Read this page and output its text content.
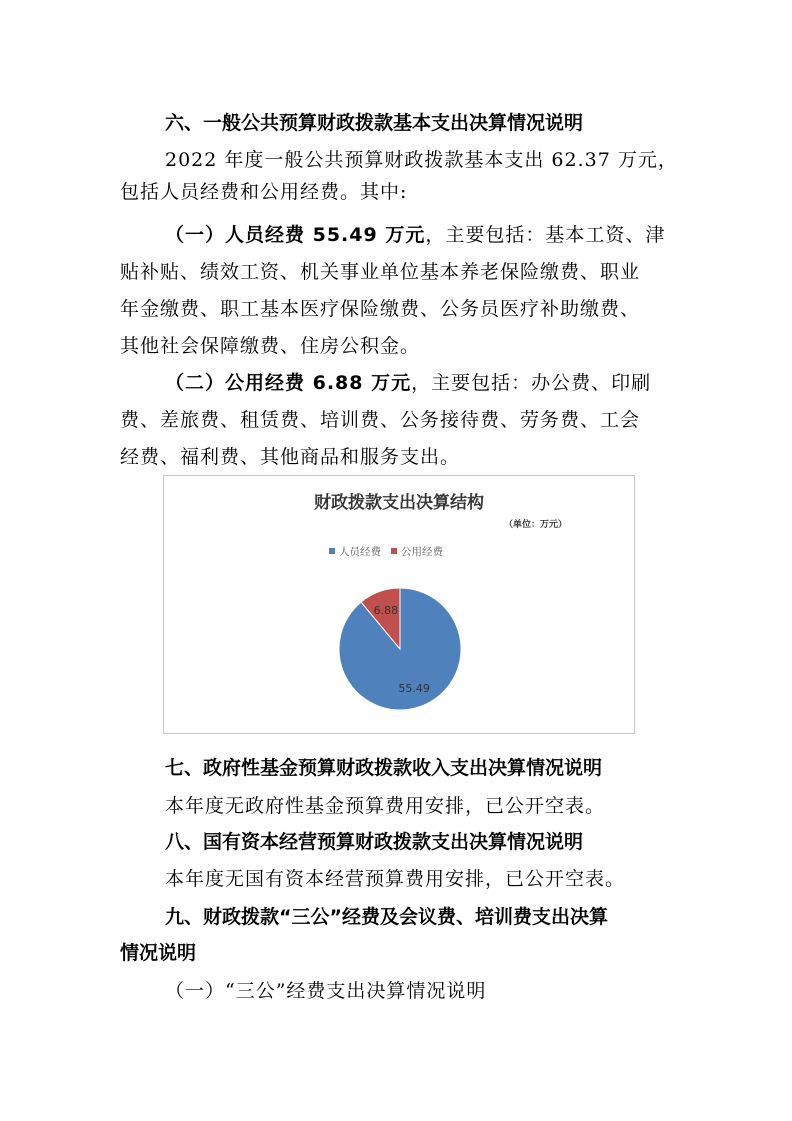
六、一般公共预算财政拨款基本支出决算情况说明
2022 年度一般公共预算财政拨款基本支出 62.37 万元，
包括人员经费和公用经费。其中:
（一）人员经费 55.49 万元，主要包括：基本工资、津
贴补贴、绩效工资、机关事业单位基本养老保险缴费、职业
年金缴费、职工基本医疗保险缴费、公务员医疗补助缴费、
其他社会保障缴费、住房公积金。
（二）公用经费 6.88 万元，主要包括：办公费、印刷
费、差旅费、租赁费、培训费、公务接待费、劳务费、工会
经费、福利费、其他商品和服务支出。
财政拨款支出决算结构
（单位：万元）
人员经费 公用经费
55.49
6.88
七、政府性基金预算财政拨款收入支出决算情况说明
本年度无政府性基金预算费用安排，已公开空表。
八、国有资本经营预算财政拨款支出决算情况说明
本年度无国有资本经营预算费用安排，已公开空表。
九、财政拨款“三公”经费及会议费、培训费支出决算
情况说明
（一）“三公”经费支出决算情况说明
